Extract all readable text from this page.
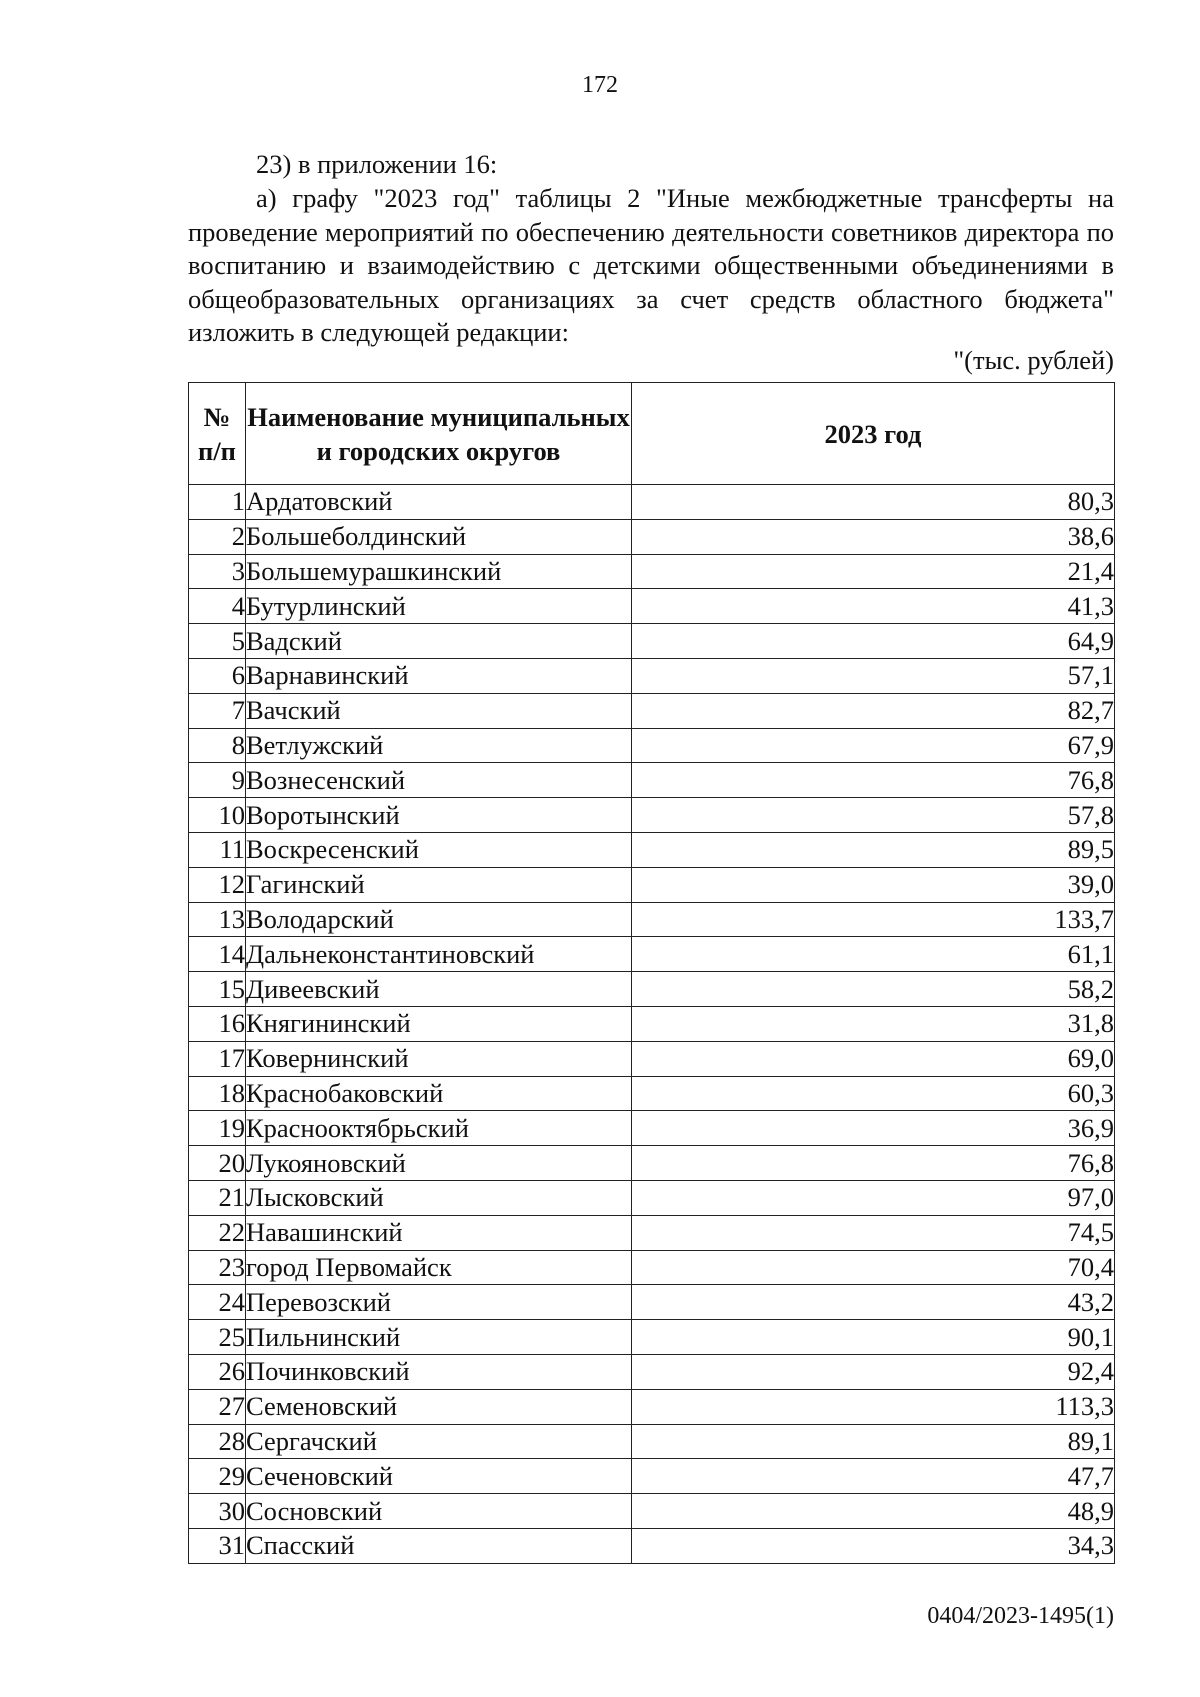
172
23) в приложении 16:
а) графу "2023 год" таблицы 2 "Иные межбюджетные трансферты на проведение мероприятий по обеспечению деятельности советников директора по воспитанию и взаимодействию с детскими общественными объединениями в общеобразовательных организациях за счет средств областного бюджета" изложить в следующей редакции:
"(тыс. рублей)
№
п/п	Наименование муниципальных и городских округов	2023 год
1	Ардатовский	80,3
2	Большеболдинский	38,6
3	Большемурашкинский	21,4
4	Бутурлинский	41,3
5	Вадский	64,9
6	Варнавинский	57,1
7	Вачский	82,7
8	Ветлужский	67,9
9	Вознесенский	76,8
10	Воротынский	57,8
11	Воскресенский	89,5
12	Гагинский	39,0
13	Володарский	133,7
14	Дальнеконстантиновский	61,1
15	Дивеевский	58,2
16	Княгининский	31,8
17	Ковернинский	69,0
18	Краснобаковский	60,3
19	Краснооктябрьский	36,9
20	Лукояновский	76,8
21	Лысковский	97,0
22	Навашинский	74,5
23	город Первомайск	70,4
24	Перевозский	43,2
25	Пильнинский	90,1
26	Починковский	92,4
27	Семеновский	113,3
28	Сергачский	89,1
29	Сеченовский	47,7
30	Сосновский	48,9
31	Спасский	34,3
0404/2023-1495(1)
